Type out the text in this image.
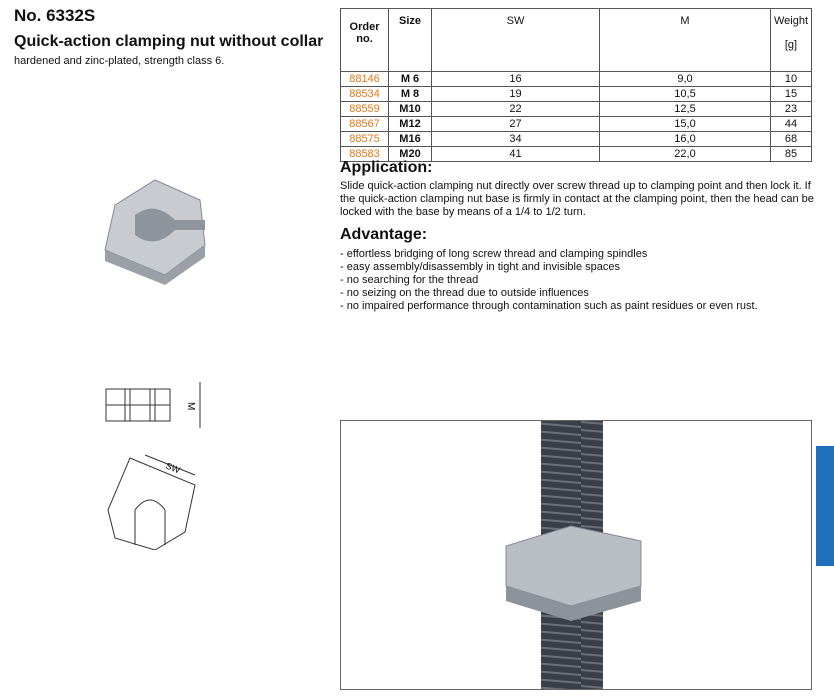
No. 6332S
Quick-action clamping nut without collar
hardened and zinc-plated, strength class 6.
M
SW
Order no.	Size	SW	M	Weight
[g]

88146	M 6	16	9,0	10
88534	M 8	19	10,5	15
88559	M10	22	12,5	23
88567	M12	27	15,0	44
88575	M16	34	16,0	68
88583	M20	41	22,0	85
Application:
Slide quick-action clamping nut directly over screw thread up to clamping point and then lock it. If the quick-action clamping nut base is firmly in contact at the clamping point, then the head can be locked with the base by means of a 1/4 to 1/2 turn.
Advantage:
- effortless bridging of long screw thread and clamping spindles
- easy assembly/disassembly in tight and invisible spaces
- no searching for the thread
- no seizing on the thread due to outside influences
- no impaired performance through contamination such as paint residues or even rust.
